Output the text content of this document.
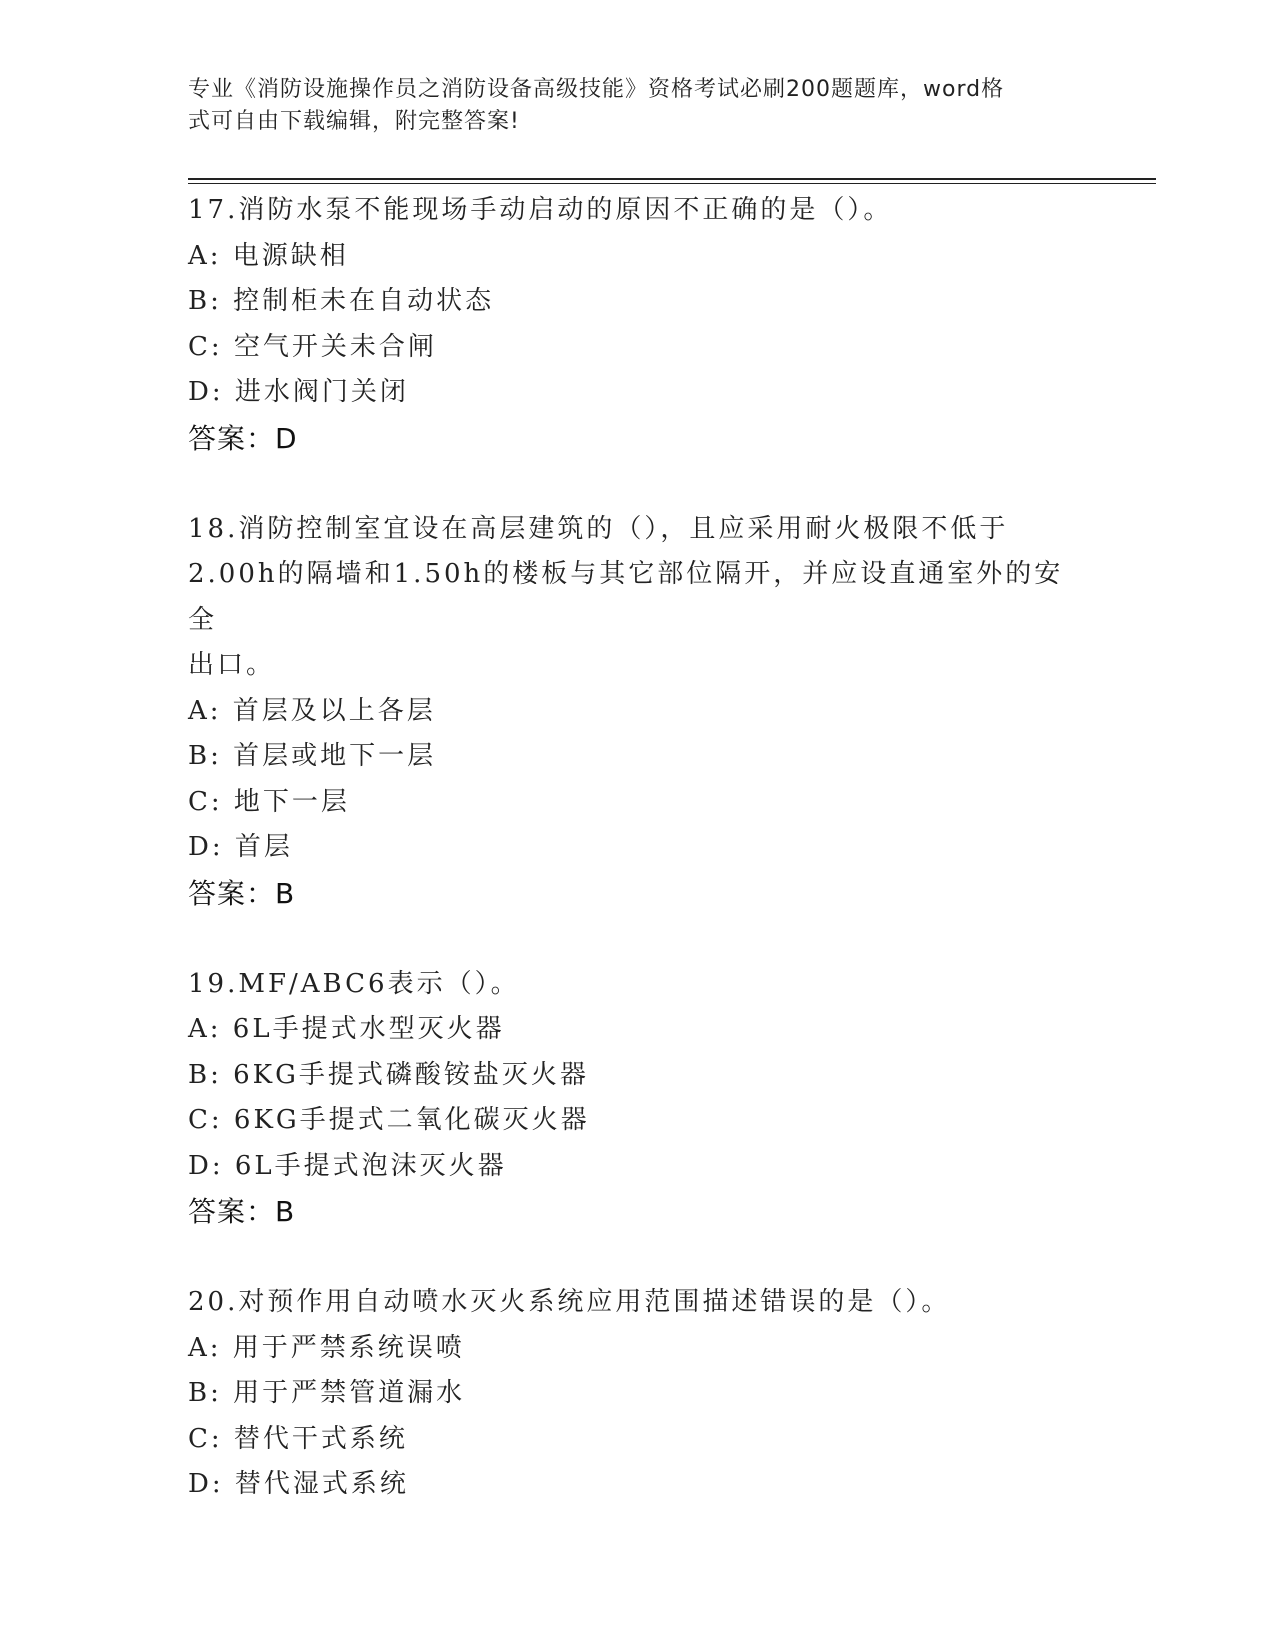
专业《消防设施操作员之消防设备高级技能》资格考试必刷200题题库，word格
式可自由下载编辑，附完整答案!

17.消防水泵不能现场手动启动的原因不正确的是（）。

A: 电源缺相

B: 控制柜未在自动状态

C: 空气开关未合闸

D: 进水阀门关闭

答案：D

18.消防控制室宜设在高层建筑的（），且应采用耐火极限不低于

2.00h的隔墙和1.50h的楼板与其它部位隔开，并应设直通室外的安全

出口。

A: 首层及以上各层

B: 首层或地下一层

C: 地下一层

D: 首层

答案：B

19.MF/ABC6表示（）。

A: 6L手提式水型灭火器

B: 6KG手提式磷酸铵盐灭火器

C: 6KG手提式二氧化碳灭火器

D: 6L手提式泡沫灭火器

答案：B

20.对预作用自动喷水灭火系统应用范围描述错误的是（）。

A: 用于严禁系统误喷

B: 用于严禁管道漏水

C: 替代干式系统

D: 替代湿式系统
